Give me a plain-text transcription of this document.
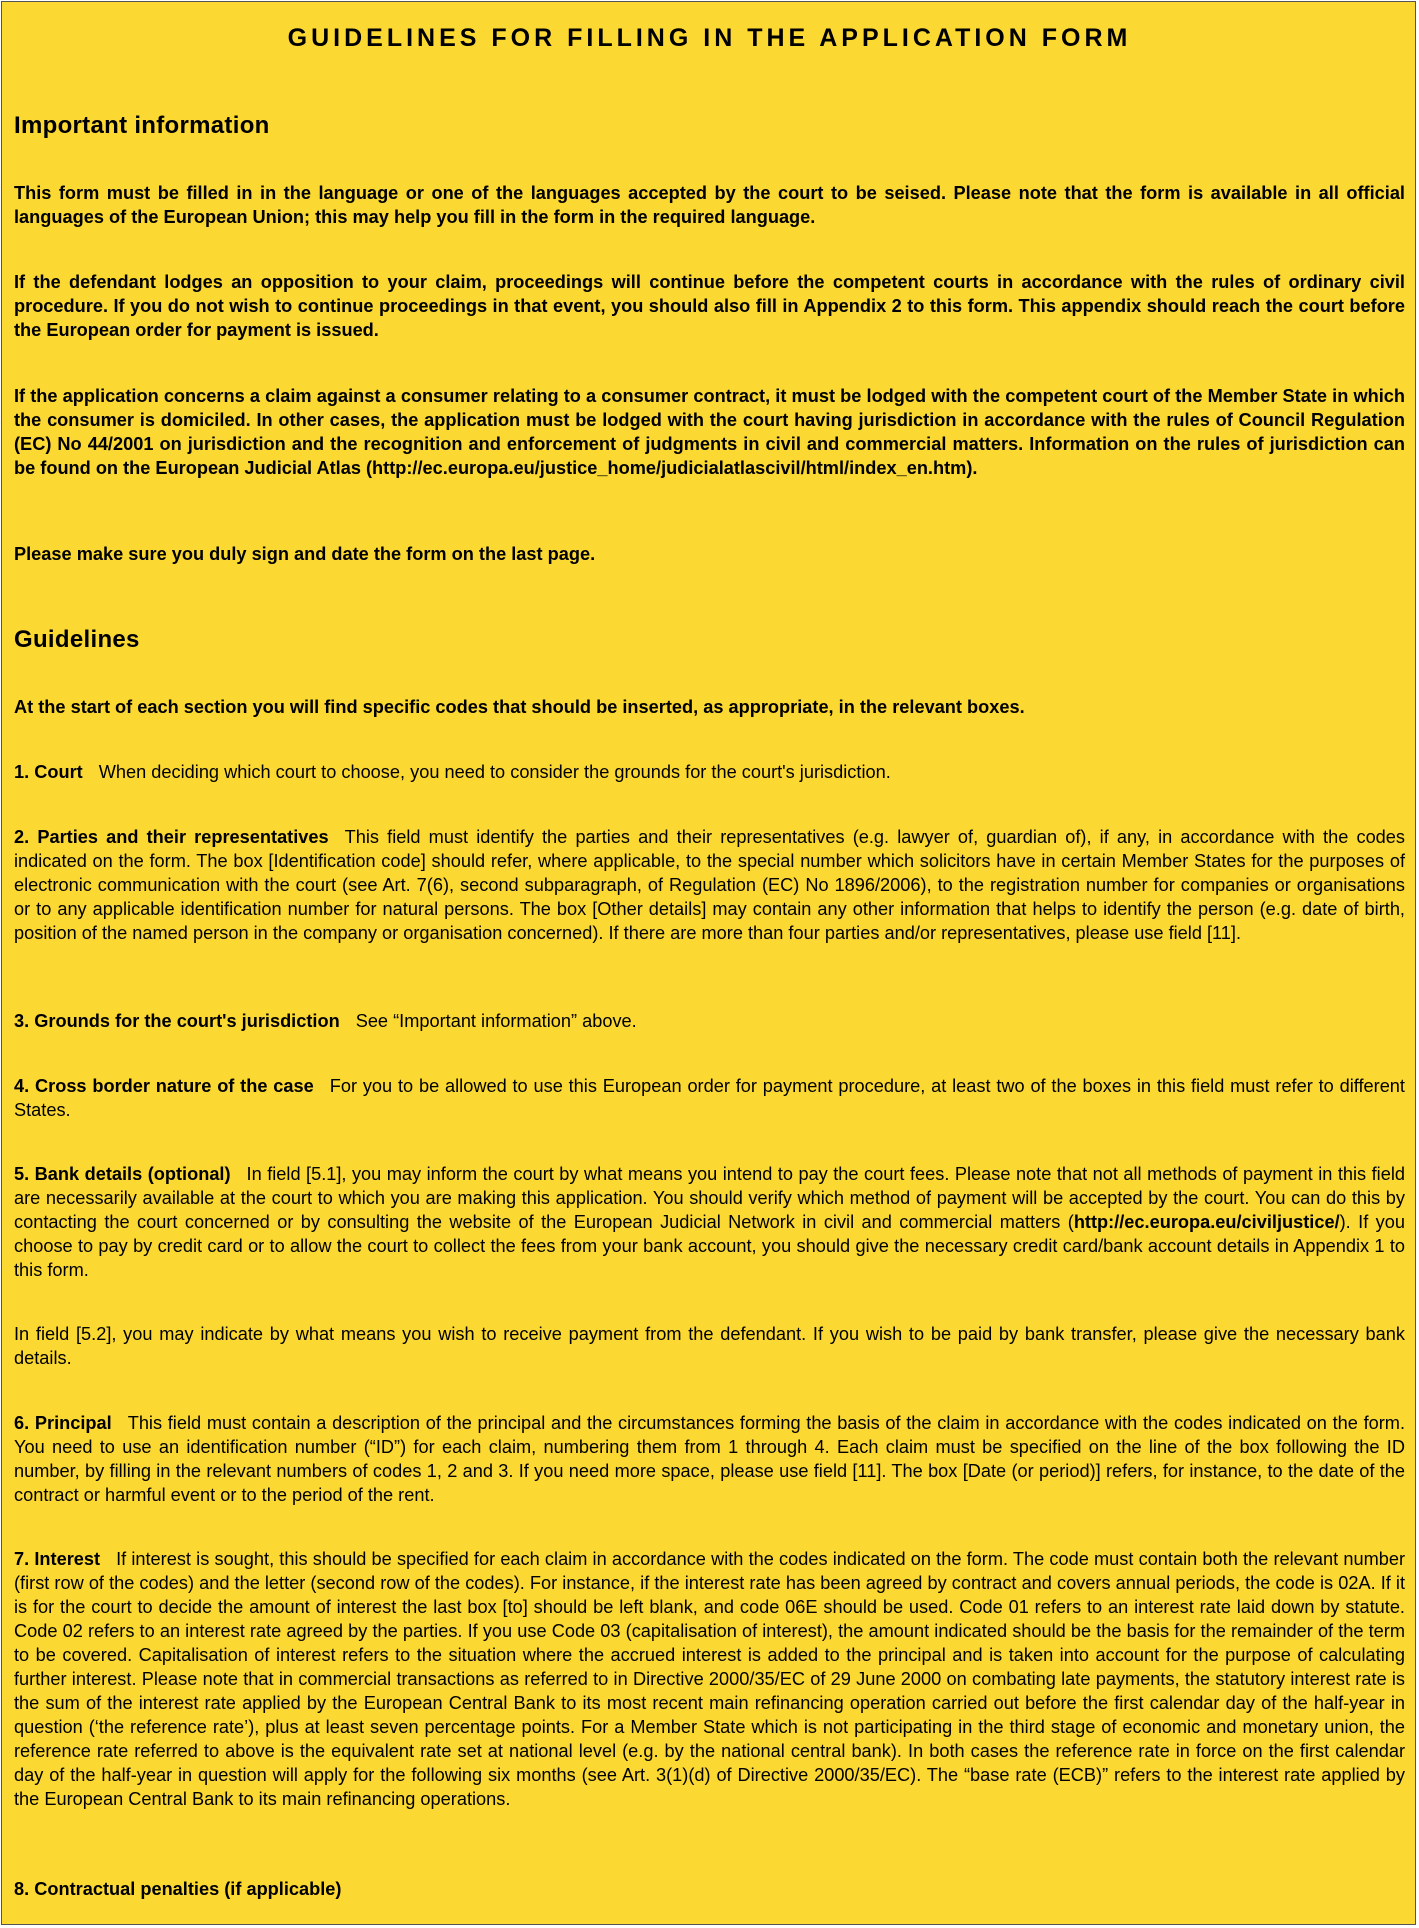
GUIDELINES FOR FILLING IN THE APPLICATION FORM
Important information
This form must be filled in in the language or one of the languages accepted by the court to be seised. Please note that the form is available in all official languages of the European Union; this may help you fill in the form in the required language.
If the defendant lodges an opposition to your claim, proceedings will continue before the competent courts in accordance with the rules of ordinary civil procedure. If you do not wish to continue proceedings in that event, you should also fill in Appendix 2 to this form. This appendix should reach the court before the European order for payment is issued.
If the application concerns a claim against a consumer relating to a consumer contract, it must be lodged with the competent court of the Member State in which the consumer is domiciled. In other cases, the application must be lodged with the court having jurisdiction in accordance with the rules of Council Regulation (EC) No 44/2001 on jurisdiction and the recognition and enforcement of judgments in civil and commercial matters. Information on the rules of jurisdiction can be found on the European Judicial Atlas (http://ec.europa.eu/justice_home/judicialatlascivil/html/index_en.htm).
Please make sure you duly sign and date the form on the last page.
Guidelines
At the start of each section you will find specific codes that should be inserted, as appropriate, in the relevant boxes.
1. Court When deciding which court to choose, you need to consider the grounds for the court's jurisdiction.
2. Parties and their representatives This field must identify the parties and their representatives (e.g. lawyer of, guardian of), if any, in accordance with the codes indicated on the form. The box [Identification code] should refer, where applicable, to the special number which solicitors have in certain Member States for the purposes of electronic communication with the court (see Art. 7(6), second subparagraph, of Regulation (EC) No 1896/2006), to the registration number for companies or organisations or to any applicable identification number for natural persons. The box [Other details] may contain any other information that helps to identify the person (e.g. date of birth, position of the named person in the company or organisation concerned). If there are more than four parties and/or representatives, please use field [11].
3. Grounds for the court's jurisdiction See “Important information” above.
4. Cross border nature of the case For you to be allowed to use this European order for payment procedure, at least two of the boxes in this field must refer to different States.
5. Bank details (optional) In field [5.1], you may inform the court by what means you intend to pay the court fees. Please note that not all methods of payment in this field are necessarily available at the court to which you are making this application. You should verify which method of payment will be accepted by the court. You can do this by contacting the court concerned or by consulting the website of the European Judicial Network in civil and commercial matters (http://ec.europa.eu/civiljustice/). If you choose to pay by credit card or to allow the court to collect the fees from your bank account, you should give the necessary credit card/bank account details in Appendix 1 to this form.
In field [5.2], you may indicate by what means you wish to receive payment from the defendant. If you wish to be paid by bank transfer, please give the necessary bank details.
6. Principal This field must contain a description of the principal and the circumstances forming the basis of the claim in accordance with the codes indicated on the form. You need to use an identification number (“ID”) for each claim, numbering them from 1 through 4. Each claim must be specified on the line of the box following the ID number, by filling in the relevant numbers of codes 1, 2 and 3. If you need more space, please use field [11]. The box [Date (or period)] refers, for instance, to the date of the contract or harmful event or to the period of the rent.
7. Interest If interest is sought, this should be specified for each claim in accordance with the codes indicated on the form. The code must contain both the relevant number (first row of the codes) and the letter (second row of the codes). For instance, if the interest rate has been agreed by contract and covers annual periods, the code is 02A. If it is for the court to decide the amount of interest the last box [to] should be left blank, and code 06E should be used. Code 01 refers to an interest rate laid down by statute. Code 02 refers to an interest rate agreed by the parties. If you use Code 03 (capitalisation of interest), the amount indicated should be the basis for the remainder of the term to be covered. Capitalisation of interest refers to the situation where the accrued interest is added to the principal and is taken into account for the purpose of calculating further interest. Please note that in commercial transactions as referred to in Directive 2000/35/EC of 29 June 2000 on combating late payments, the statutory interest rate is the sum of the interest rate applied by the European Central Bank to its most recent main refinancing operation carried out before the first calendar day of the half-year in question (‘the reference rate’), plus at least seven percentage points. For a Member State which is not participating in the third stage of economic and monetary union, the reference rate referred to above is the equivalent rate set at national level (e.g. by the national central bank). In both cases the reference rate in force on the first calendar day of the half-year in question will apply for the following six months (see Art. 3(1)(d) of Directive 2000/35/EC). The “base rate (ECB)” refers to the interest rate applied by the European Central Bank to its main refinancing operations.
8. Contractual penalties (if applicable)
